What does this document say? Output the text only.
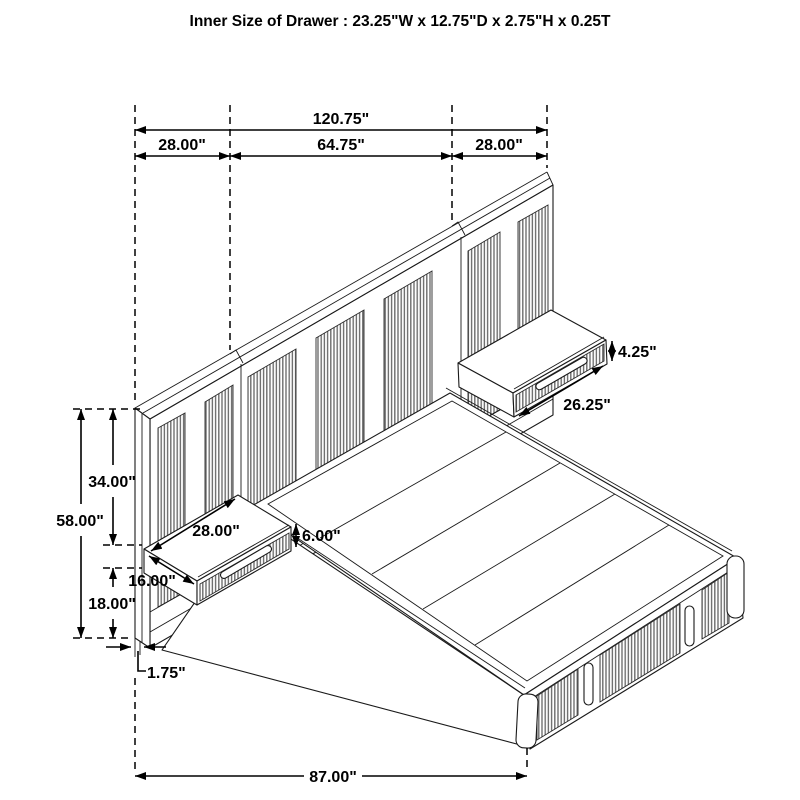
Inner Size of Drawer : 23.25"W x 12.75"D x 2.75"H x 0.25T
120.75"
28.00"	64.75"	28.00"
58.00"
34.00"
18.00"
28.00"
16.00"
6.00"
4.25"
26.25"
87.00"
1.75"
